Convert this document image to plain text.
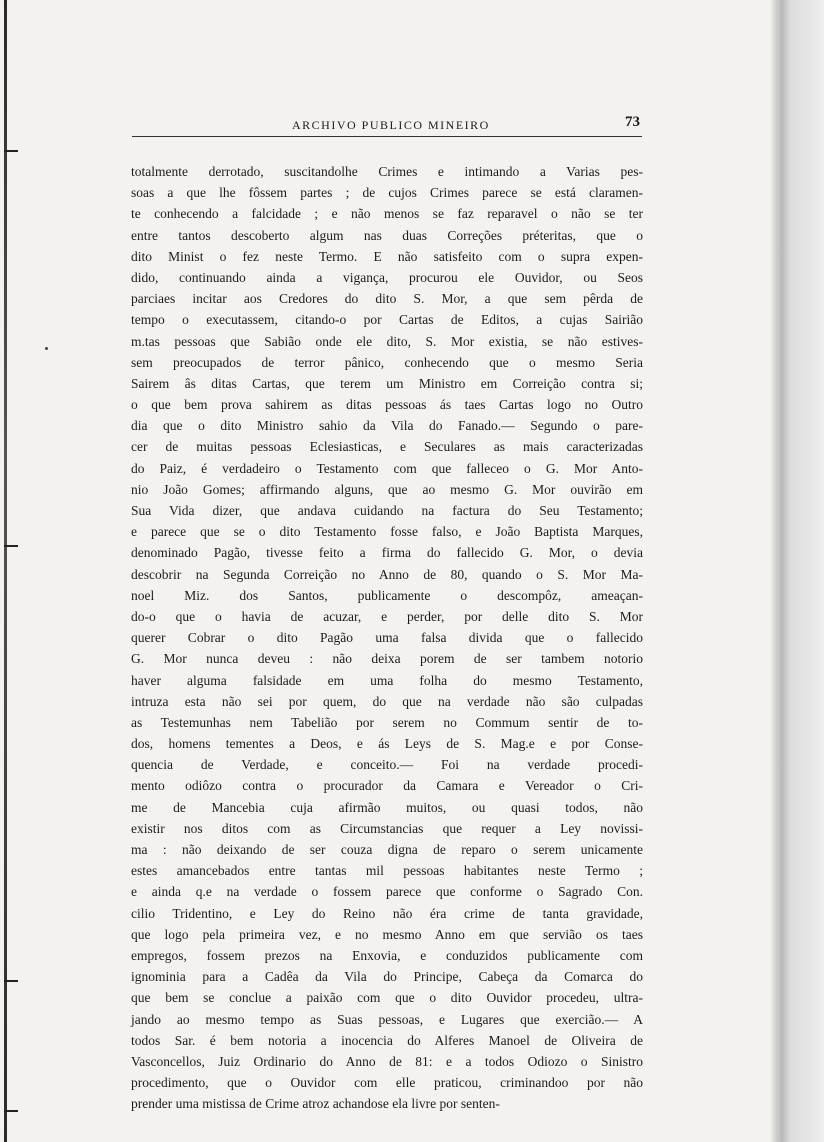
ARCHIVO PUBLICO MINEIRO	73
totalmente derrotado, suscitandolhe Crimes e intimando a Varias pes-
soas a que lhe fôssem partes ; de cujos Crimes parece se está claramen-
te conhecendo a falcidade ; e não menos se faz reparavel o não se ter
entre tantos descoberto algum nas duas Correções préteritas, que o
dito Minist o fez neste Termo. E não satisfeito com o supra expen-
dido, continuando ainda a vigança, procurou ele Ouvidor, ou Seos
parciaes incitar aos Credores do dito S. Mor, a que sem pêrda de
tempo o executassem, citando-o por Cartas de Editos, a cujas Sairião
m.tas pessoas que Sabião onde ele dito, S. Mor existia, se não estives-
sem preocupados de terror pânico, conhecendo que o mesmo Seria
Sairem âs ditas Cartas, que terem um Ministro em Correição contra si;
o que bem prova sahirem as ditas pessoas ás taes Cartas logo no Outro
dia que o dito Ministro sahio da Vila do Fanado.— Segundo o pare-
cer de muitas pessoas Eclesiasticas, e Seculares as mais caracterizadas
do Paiz, é verdadeiro o Testamento com que falleceo o G. Mor Anto-
nio João Gomes; affirmando alguns, que ao mesmo G. Mor ouvirão em
Sua Vida dizer, que andava cuidando na factura do Seu Testamento;
e parece que se o dito Testamento fosse falso, e João Baptista Marques,
denominado Pagão, tivesse feito a firma do fallecido G. Mor, o devia
descobrir na Segunda Correição no Anno de 80, quando o S. Mor Ma-
noel Miz. dos Santos, publicamente o descompôz, ameaçan-
do-o que o havia de acuzar, e perder, por delle dito S. Mor
querer Cobrar o dito Pagão uma falsa divida que o fallecido
G. Mor nunca deveu : não deixa porem de ser tambem notorio
haver alguma falsidade em uma folha do mesmo Testamento,
intruza esta não sei por quem, do que na verdade não são culpadas
as Testemunhas nem Tabelião por serem no Commum sentir de to-
dos, homens tementes a Deos, e ás Leys de S. Mag.e e por Conse-
quencia de Verdade, e conceito.— Foi na verdade procedi-
mento odiôzo contra o procurador da Camara e Vereador o Cri-
me de Mancebia cuja afirmão muitos, ou quasi todos, não
existir nos ditos com as Circumstancias que requer a Ley novissi-
ma : não deixando de ser couza digna de reparo o serem unicamente
estes amancebados entre tantas mil pessoas habitantes neste Termo ;
e ainda q.e na verdade o fossem parece que conforme o Sagrado Con.
cilio Tridentino, e Ley do Reino não éra crime de tanta gravidade,
que logo pela primeira vez, e no mesmo Anno em que servião os taes
empregos, fossem prezos na Enxovia, e conduzidos publicamente com
ignominia para a Cadêa da Vila do Principe, Cabeça da Comarca do
que bem se conclue a paixão com que o dito Ouvidor procedeu, ultra-
jando ao mesmo tempo as Suas pessoas, e Lugares que exercião.— A
todos Sar. é bem notoria a inocencia do Alferes Manoel de Oliveira de
Vasconcellos, Juiz Ordinario do Anno de 81: e a todos Odiozo o Sinistro
procedimento, que o Ouvidor com elle praticou, criminandoo por não
prender uma mistissa de Crime atroz achandose ela livre por senten-
